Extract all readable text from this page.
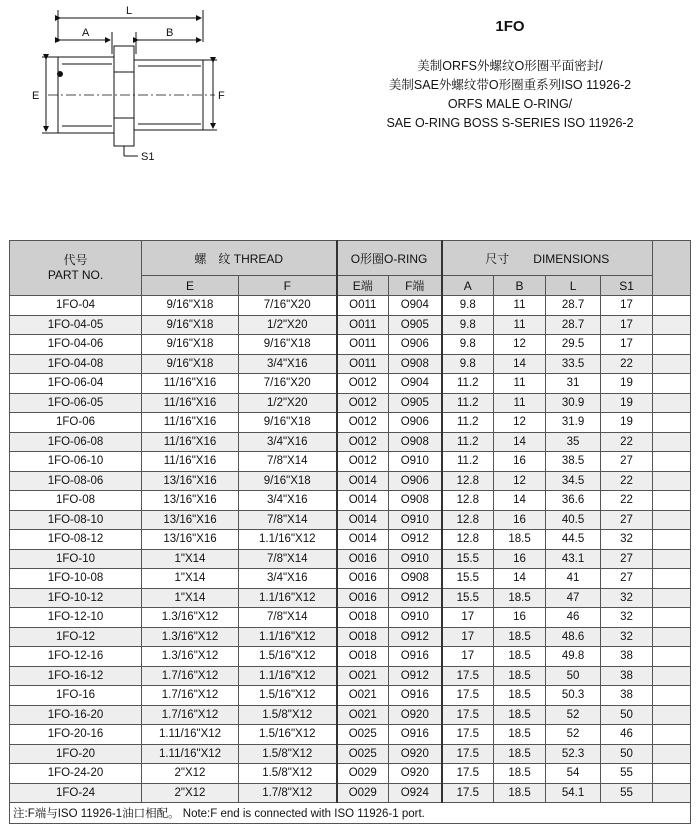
L
A	B
E	F
S1
1FO
美制ORFS外螺纹O形圈平面密封/
美制SAE外螺纹带O形圈重系列ISO 11926-2
ORFS MALE O-RING/
SAE O-RING BOSS S-SERIES ISO 11926-2
代号
PART NO.	螺　纹 THREAD		O形圈O-RING		尺寸　　DIMENSIONS				
	E	F	E端	F端	A	B	L	S1	
1FO-04	9/16"X18	7/16"X20	O011	O904	9.8	11	28.7	17	
1FO-04-05	9/16"X18	1/2"X20	O011	O905	9.8	11	28.7	17	
1FO-04-06	9/16"X18	9/16"X18	O011	O906	9.8	12	29.5	17	
1FO-04-08	9/16"X18	3/4"X16	O011	O908	9.8	14	33.5	22	
1FO-06-04	11/16"X16	7/16"X20	O012	O904	11.2	11	31	19	
1FO-06-05	11/16"X16	1/2"X20	O012	O905	11.2	11	30.9	19	
1FO-06	11/16"X16	9/16"X18	O012	O906	11.2	12	31.9	19	
1FO-06-08	11/16"X16	3/4"X16	O012	O908	11.2	14	35	22	
1FO-06-10	11/16"X16	7/8"X14	O012	O910	11.2	16	38.5	27	
1FO-08-06	13/16"X16	9/16"X18	O014	O906	12.8	12	34.5	22	
1FO-08	13/16"X16	3/4"X16	O014	O908	12.8	14	36.6	22	
1FO-08-10	13/16"X16	7/8"X14	O014	O910	12.8	16	40.5	27	
1FO-08-12	13/16"X16	1.1/16"X12	O014	O912	12.8	18.5	44.5	32	
1FO-10	1"X14	7/8"X14	O016	O910	15.5	16	43.1	27	
1FO-10-08	1"X14	3/4"X16	O016	O908	15.5	14	41	27	
1FO-10-12	1"X14	1.1/16"X12	O016	O912	15.5	18.5	47	32	
1FO-12-10	1.3/16"X12	7/8"X14	O018	O910	17	16	46	32	
1FO-12	1.3/16"X12	1.1/16"X12	O018	O912	17	18.5	48.6	32	
1FO-12-16	1.3/16"X12	1.5/16"X12	O018	O916	17	18.5	49.8	38	
1FO-16-12	1.7/16"X12	1.1/16"X12	O021	O912	17.5	18.5	50	38	
1FO-16	1.7/16"X12	1.5/16"X12	O021	O916	17.5	18.5	50.3	38	
1FO-16-20	1.7/16"X12	1.5/8"X12	O021	O920	17.5	18.5	52	50	
1FO-20-16	1.11/16"X12	1.5/16"X12	O025	O916	17.5	18.5	52	46	
1FO-20	1.11/16"X12	1.5/8"X12	O025	O920	17.5	18.5	52.3	50	
1FO-24-20	2"X12	1.5/8"X12	O029	O920	17.5	18.5	54	55	
1FO-24	2"X12	1.7/8"X12	O029	O924	17.5	18.5	54.1	55	
注:F端与ISO 11926-1油口相配。 Note:F end is connected with ISO 11926-1 port.									
